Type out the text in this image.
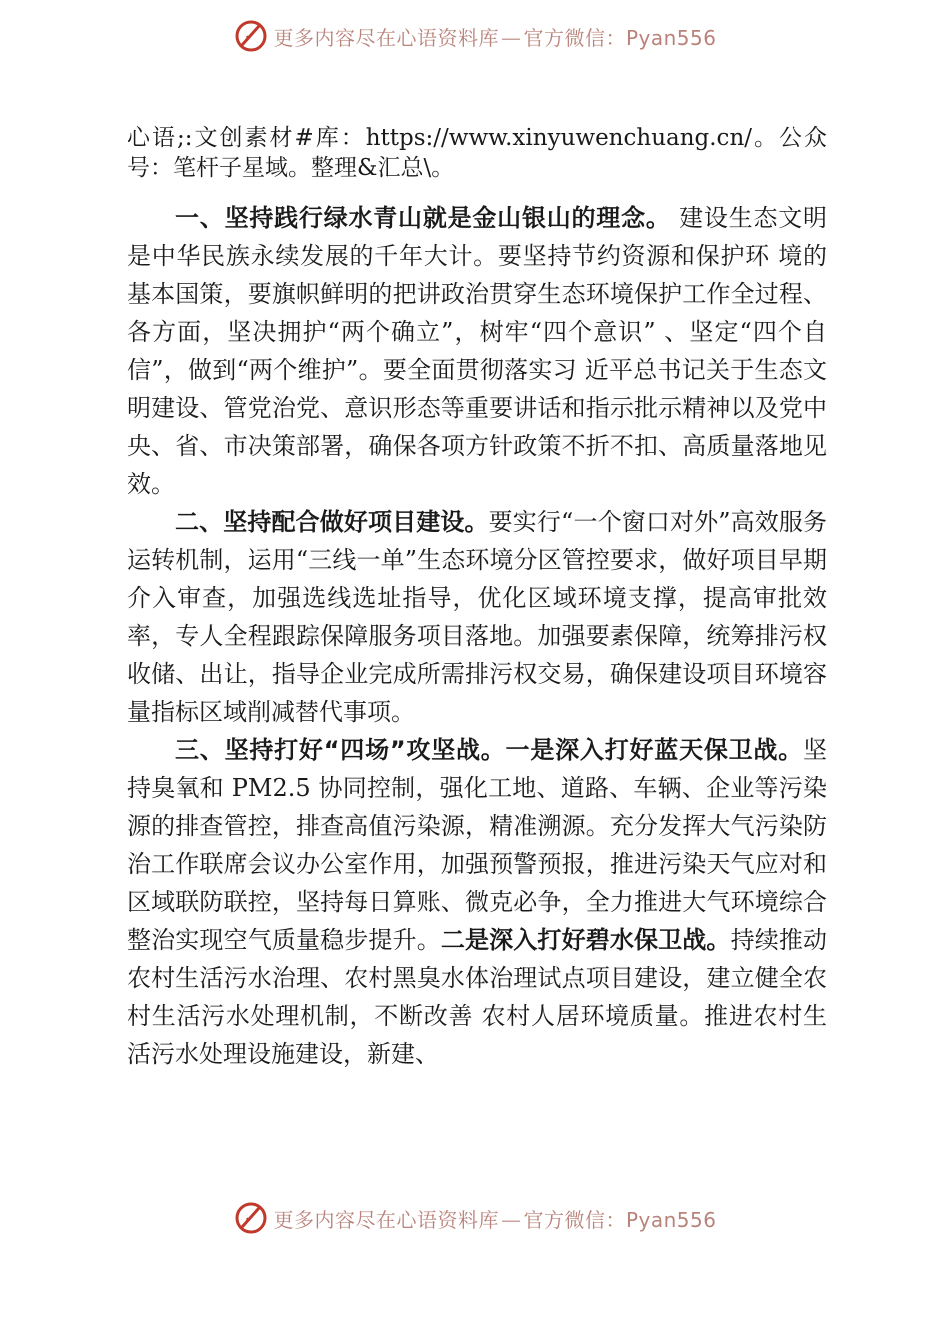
更多内容尽在心语资料库 — 官方微信：Pyan556

心语;:文创素材#库：https://www.xinyuwenchuang.cn/。公众号：笔杆子星域。整理&汇总\。

一、坚持践行绿水青山就是金山银山的理念。 建设生态文明是中华民族永续发展的千年大计。要坚持节约资源和保护环 境的基本国策，要旗帜鲜明的把讲政治贯穿生态环境保护工作全过程、各方面，坚决拥护“两个确立”，树牢“四个意识” 、坚定“四个自信”，做到“两个维护”。要全面贯彻落实习 近平总书记关于生态文明建设、管党治党、意识形态等重要讲话和指示批示精神以及党中央、省、市决策部署，确保各项方针政策不折不扣、高质量落地见效。

二、坚持配合做好项目建设。要实行“一个窗口对外”高效服务运转机制，运用“三线一单”生态环境分区管控要求，做好项目早期介入审查，加强选线选址指导，优化区域环境支撑，提高审批效率，专人全程跟踪保障服务项目落地。加强要素保障，统筹排污权收储、出让，指导企业完成所需排污权交易，确保建设项目环境容量指标区域削减替代事项。

三、坚持打好“四场”攻坚战。一是深入打好蓝天保卫战。坚持臭氧和 PM2.5 协同控制，强化工地、道路、车辆、企业等污染源的排查管控，排查高值污染源，精准溯源。充分发挥大气污染防治工作联席会议办公室作用，加强预警预报，推进污染天气应对和区域联防联控，坚持每日算账、微克必争，全力推进大气环境综合整治实现空气质量稳步提升。二是深入打好碧水保卫战。持续推动农村生活污水治理、农村黑臭水体治理试点项目建设，建立健全农村生活污水处理机制，不断改善 农村人居环境质量。推进农村生活污水处理设施建设，新建、

更多内容尽在心语资料库 — 官方微信：Pyan556
